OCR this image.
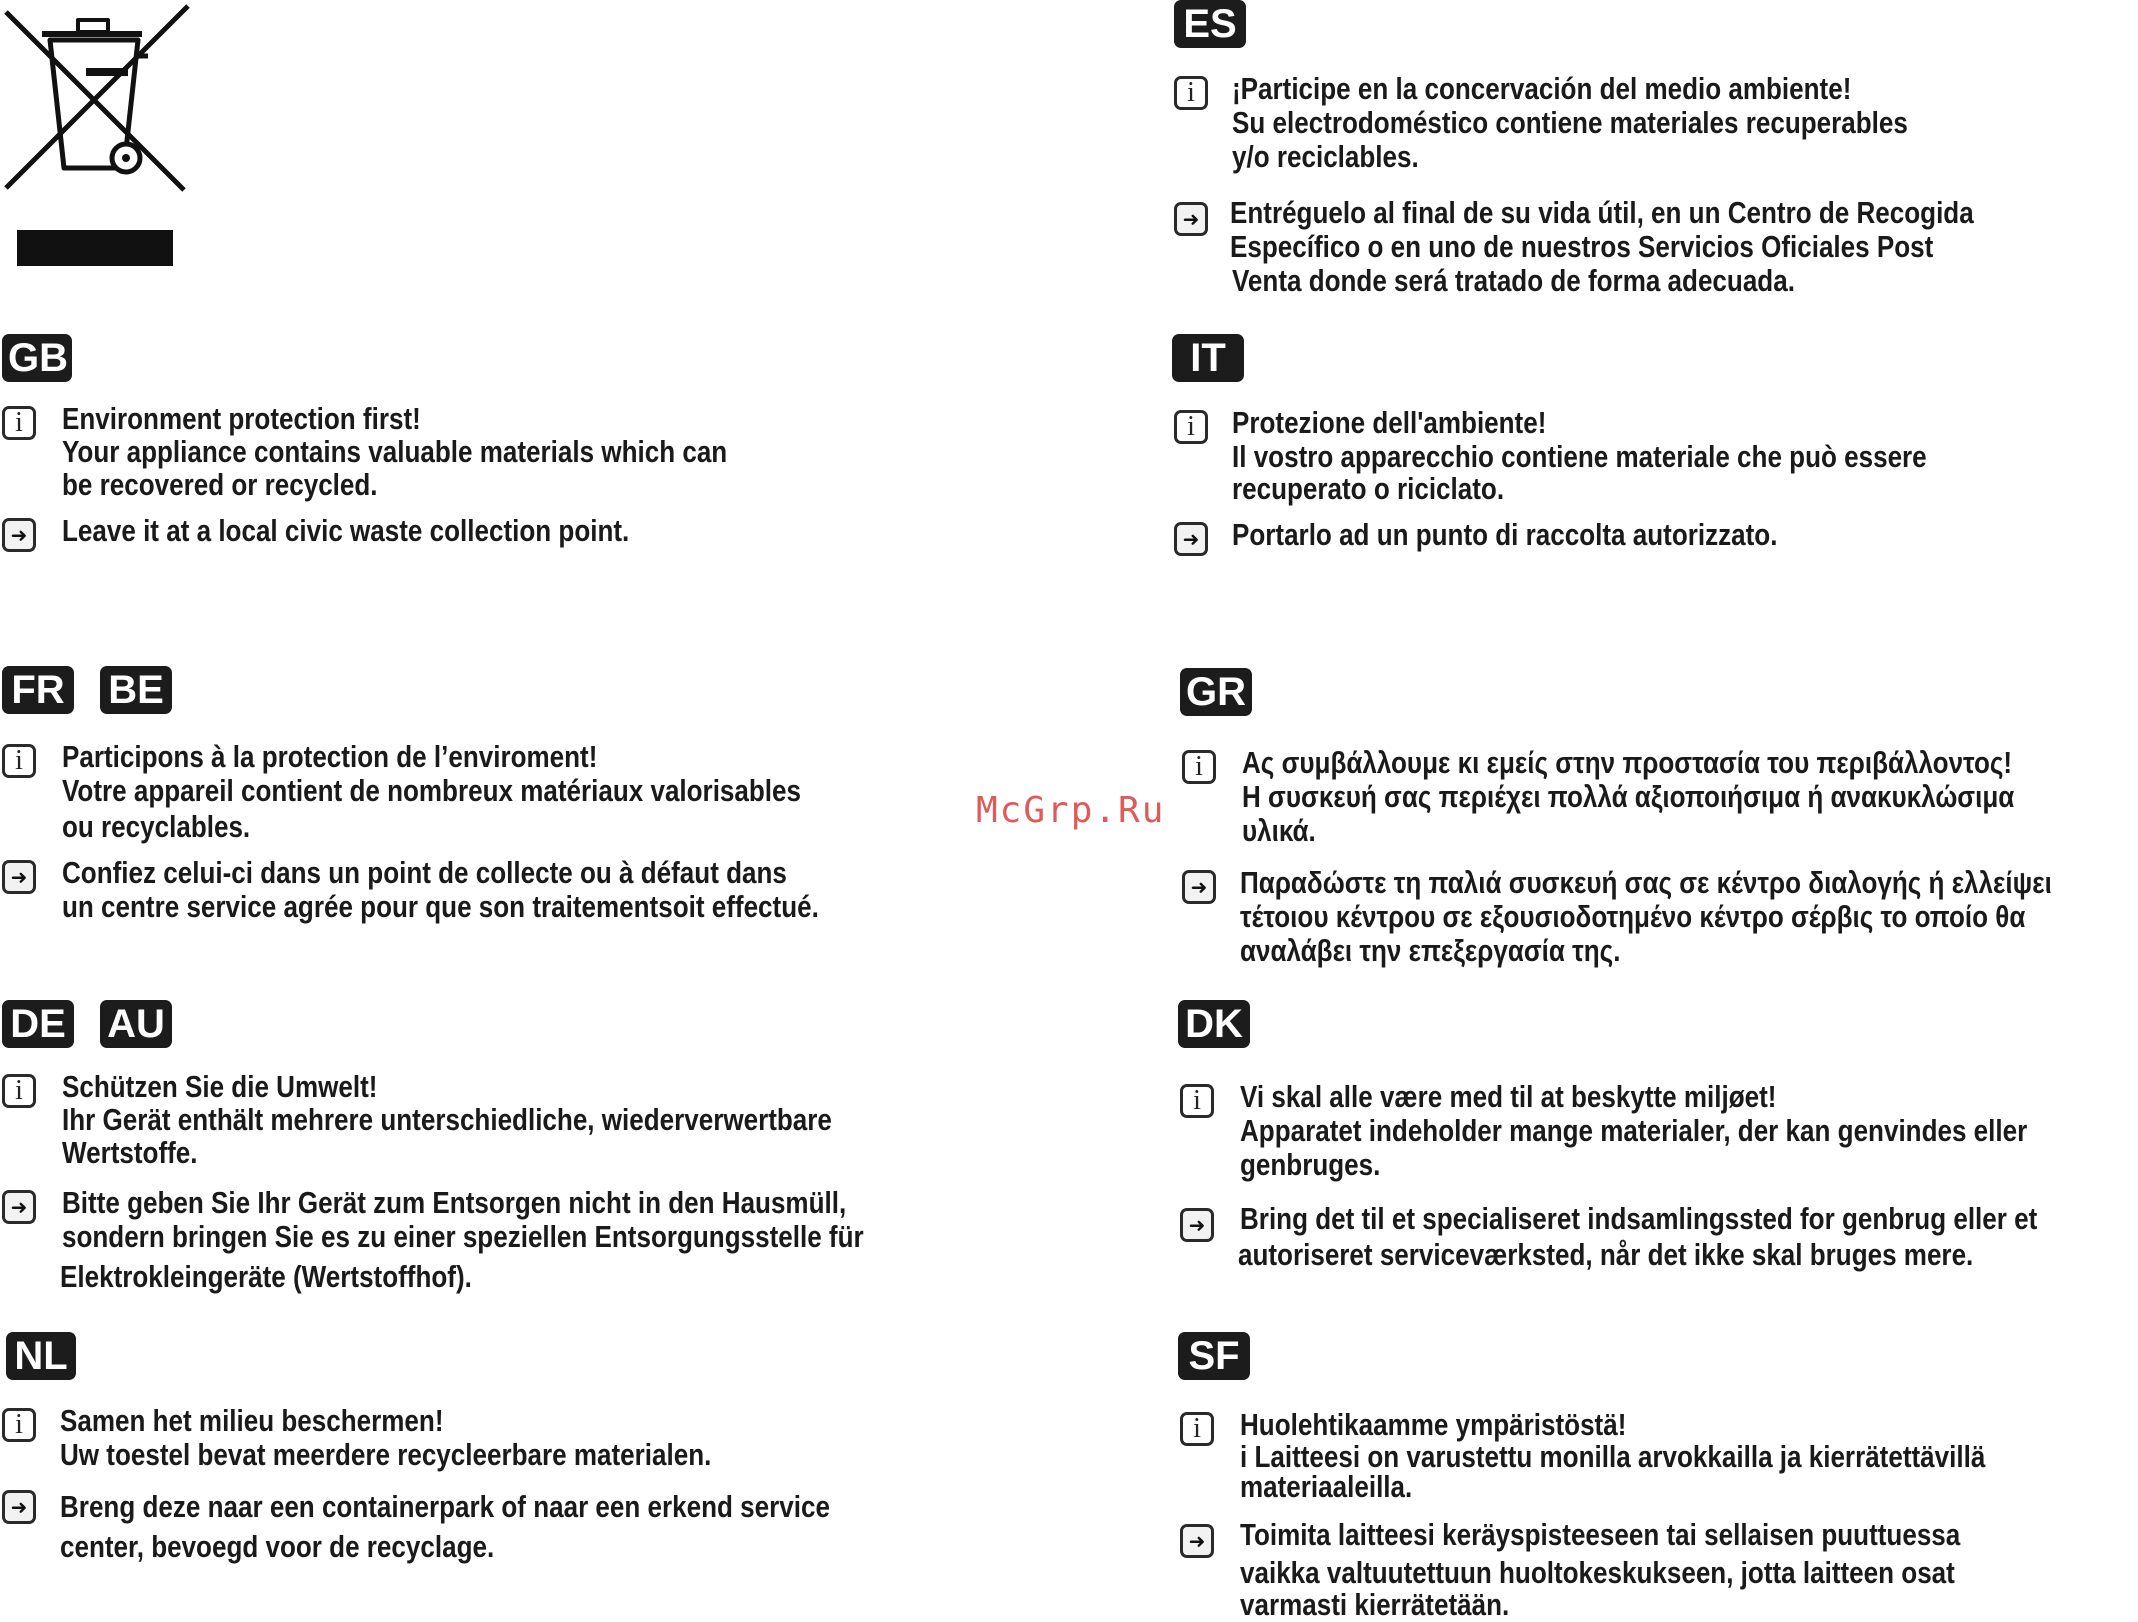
McGrp.Ru
GB
i Environment protection first!
Your appliance contains valuable materials which can
be recovered or recycled.
➜ Leave it at a local civic waste collection point.
FR BE
i Participons à la protection de l’enviroment!
Votre appareil contient de nombreux matériaux valorisables
ou recyclables.
➜ Confiez celui-ci dans un point de collecte ou à défaut dans
un centre service agrée pour que son traitementsoit effectué.
DE AU
i Schützen Sie die Umwelt!
Ihr Gerät enthält mehrere unterschiedliche, wiederverwertbare
Wertstoffe.
➜ Bitte geben Sie Ihr Gerät zum Entsorgen nicht in den Hausmüll,
sondern bringen Sie es zu einer speziellen Entsorgungsstelle für
Elektrokleingeräte (Wertstoffhof).
NL
i Samen het milieu beschermen!
Uw toestel bevat meerdere recycleerbare materialen.
➜ Breng deze naar een containerpark of naar een erkend service
center, bevoegd voor de recyclage.
ES
i ¡Participe en la concervación del medio ambiente!
Su electrodoméstico contiene materiales recuperables
y/o reciclables.
➜ Entréguelo al final de su vida útil, en un Centro de Recogida
Específico o en uno de nuestros Servicios Oficiales Post
Venta donde será tratado de forma adecuada.
IT
i Protezione dell'ambiente!
Il vostro apparecchio contiene materiale che può essere
recuperato o riciclato.
➜ Portarlo ad un punto di raccolta autorizzato.
GR
i Ας συμβάλλουμε κι εμείς στην προστασία του περιβάλλοντος!
Η συσκευή σας περιέχει πολλά αξιοποιήσιμα ή ανακυκλώσιμα
υλικά.
➜ Παραδώστε τη παλιά συσκευή σας σε κέντρο διαλογής ή ελλείψει
τέτοιου κέντρου σε εξουσιοδοτημένο κέντρο σέρβις το οποίο θα
αναλάβει την επεξεργασία της.
DK
i Vi skal alle være med til at beskytte miljøet!
Apparatet indeholder mange materialer, der kan genvindes eller
genbruges.
➜ Bring det til et specialiseret indsamlingssted for genbrug eller et
autoriseret serviceværksted, når det ikke skal bruges mere.
SF
i Huolehtikaamme ympäristöstä!
i Laitteesi on varustettu monilla arvokkailla ja kierrätettävillä
materiaaleilla.
➜ Toimita laitteesi keräyspisteeseen tai sellaisen puuttuessa
vaikka valtuutettuun huoltokeskukseen, jotta laitteen osat
varmasti kierrätetään.
